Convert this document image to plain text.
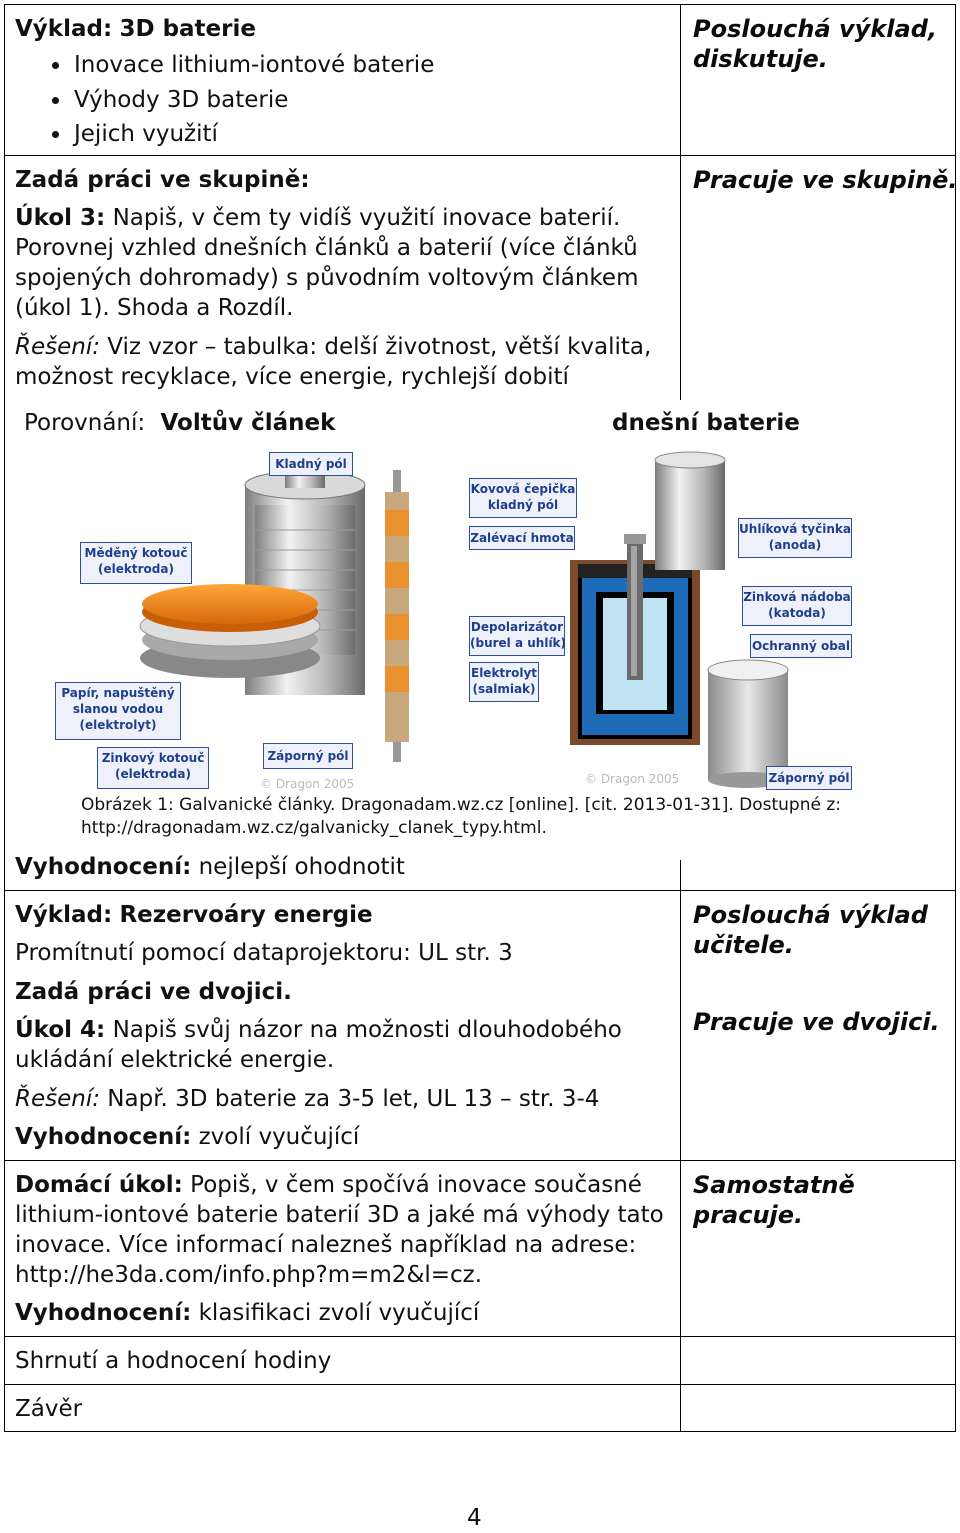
Výklad: 3D baterie
• Inovace lithium-iontové baterie
• Výhody 3D baterie
• Jejich využití
Poslouchá výklad, diskutuje.
Zadá práci ve skupině:
Úkol 3: Napiš, v čem ty vidíš využití inovace baterií.
Porovnej vzhled dnešních článků a baterií (více článků
spojených dohromady) s původním voltovým článkem
(úkol 1). Shoda a Rozdíl.
Řešení: Viz vzor – tabulka: delší životnost, větší kvalita,
možnost recyklace, více energie, rychlejší dobití
Pracuje ve skupině.
Porovnání: Voltův článek	dnešní baterie
© Dragon 2005	© Dragon 2005
Kladný pól
Měděný kotouč
(elektroda)
Papír, napuštěný
slanou vodou
(elektrolyt)
Zinkový kotouč
(elektroda)
Záporný pól
Kovová čepička
kladný pól
Zalévací hmota
Depolarizátor
(burel a uhlík)
Elektrolyt
(salmiak)
Uhlíková tyčinka
(anoda)
Zinková nádoba
(katoda)
Ochranný obal
Záporný pól
Obrázek 1: Galvanické články. Dragonadam.wz.cz [online]. [cit. 2013-01-31]. Dostupné z:
http://dragonadam.wz.cz/galvanicky_clanek_typy.html.
Vyhodnocení: nejlepší ohodnotit
Výklad: Rezervoáry energie
Promítnutí pomocí dataprojektoru: UL str. 3
Zadá práci ve dvojici.
Úkol 4: Napiš svůj názor na možnosti dlouhodobého
ukládání elektrické energie.
Řešení: Např. 3D baterie za 3-5 let, UL 13 – str. 3-4
Vyhodnocení: zvolí vyučující
Poslouchá výklad
učitele.
Pracuje ve dvojici.
Domácí úkol: Popiš, v čem spočívá inovace současné
lithium-iontové baterie baterií 3D a jaké má výhody tato
inovace. Více informací nalezneš například na adrese:
http://he3da.com/info.php?m=m2&l=cz.
Vyhodnocení: klasifikaci zvolí vyučující
Samostatně
pracuje.
Shrnutí a hodnocení hodiny
Závěr
4
